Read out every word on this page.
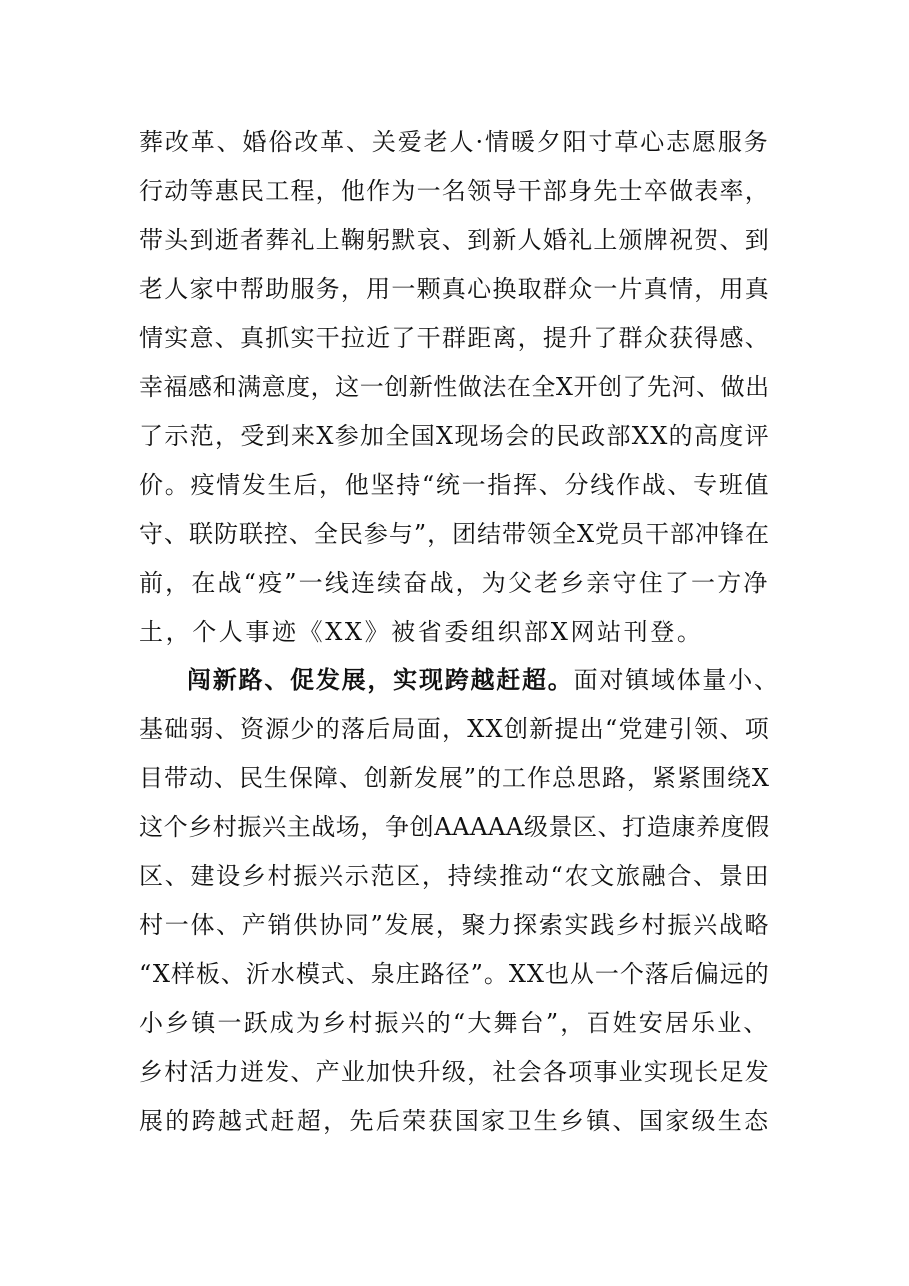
葬改革、婚俗改革、关爱老人·情暖夕阳寸草心志愿服务
行动等惠民工程，他作为一名领导干部身先士卒做表率，
带头到逝者葬礼上鞠躬默哀、到新人婚礼上颁牌祝贺、到
老人家中帮助服务，用一颗真心换取群众一片真情，用真
情实意、真抓实干拉近了干群距离，提升了群众获得感、
幸福感和满意度，这一创新性做法在全X开创了先河、做出
了示范，受到来X参加全国X现场会的民政部XX的高度评
价。疫情发生后，他坚持“统一指挥、分线作战、专班值
守、联防联控、全民参与”，团结带领全X党员干部冲锋在
前，在战“疫”一线连续奋战，为父老乡亲守住了一方净
土，个人事迹《XX》被省委组织部X网站刊登。
闯新路、促发展，实现跨越赶超。面对镇域体量小、
基础弱、资源少的落后局面，XX创新提出“党建引领、项
目带动、民生保障、创新发展”的工作总思路，紧紧围绕X
这个乡村振兴主战场，争创AAAAA级景区、打造康养度假
区、建设乡村振兴示范区，持续推动“农文旅融合、景田
村一体、产销供协同”发展，聚力探索实践乡村振兴战略
“X样板、沂水模式、泉庄路径”。XX也从一个落后偏远的
小乡镇一跃成为乡村振兴的“大舞台”，百姓安居乐业、
乡村活力迸发、产业加快升级，社会各项事业实现长足发
展的跨越式赶超，先后荣获国家卫生乡镇、国家级生态
